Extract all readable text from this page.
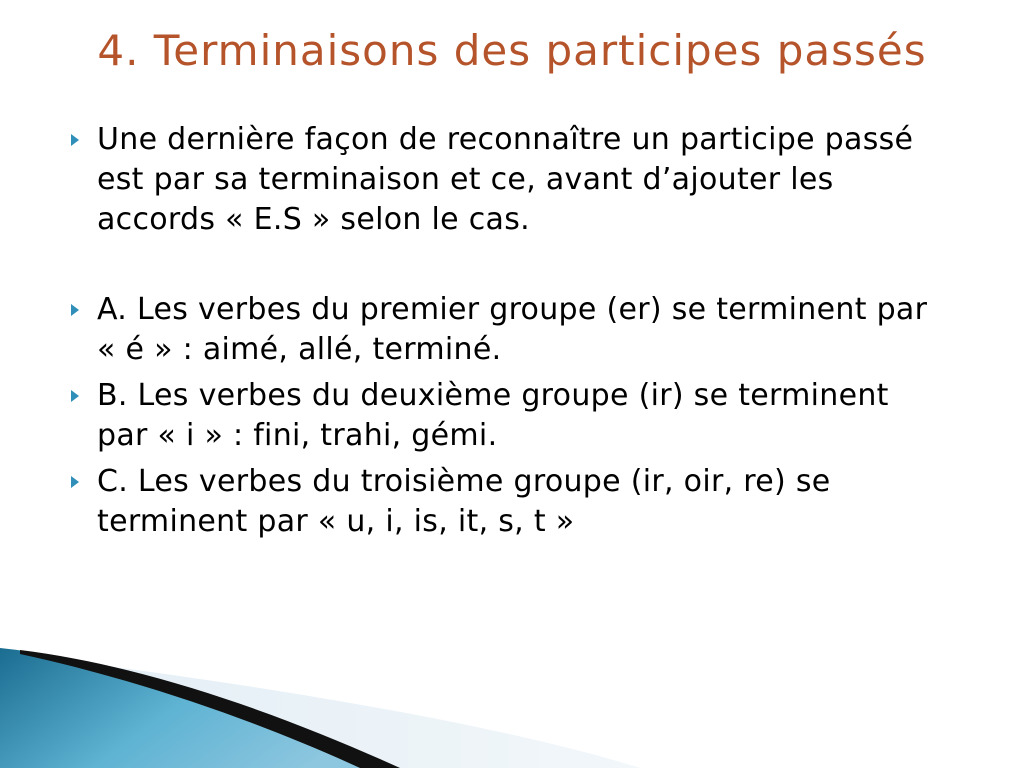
4. Terminaisons des participes passés
Une dernière façon de reconnaître un participe passé est par sa terminaison et ce, avant d’ajouter les accords « E.S » selon le cas.
A. Les verbes du premier groupe (er) se terminent par « é » : aimé, allé, terminé.
B. Les verbes du deuxième groupe (ir) se terminent par « i » : fini, trahi, gémi.
C. Les verbes du troisième groupe (ir, oir, re) se terminent par « u, i, is, it, s, t »
